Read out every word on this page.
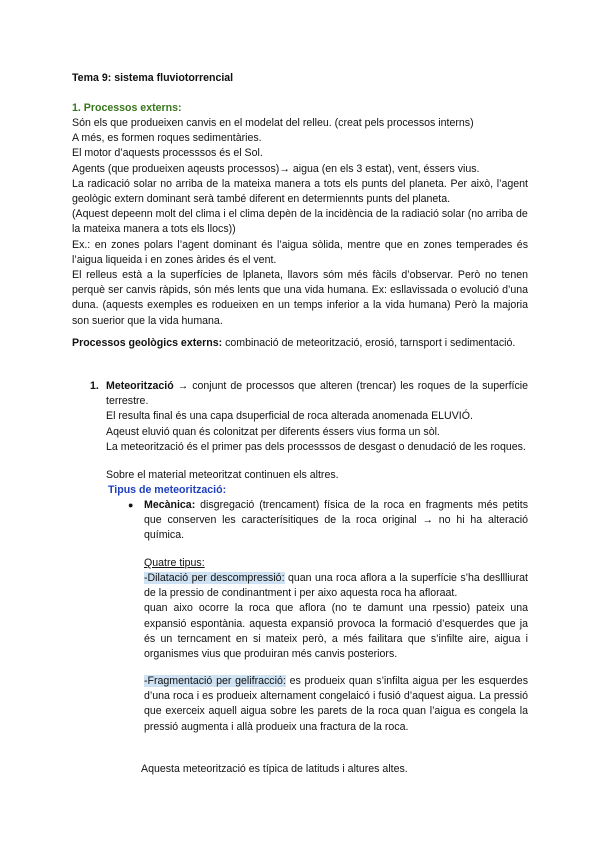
Tema 9: sistema fluviotorrencial
1. Processos externs:

Són els que produeixen canvis en el modelat del relleu. (creat pels processos interns)

A més, es formen roques sedimentàries.

El motor d’aquests processsos és el Sol.

Agents (que produeixen aqeusts processos)→ aigua (en els 3 estat), vent, éssers vius.

La radicació solar no arriba de la mateixa manera a tots els punts del planeta. Per això, l’agent geològic extern dominant serà també diferent en determiennts punts del planeta.

(Aquest depeenn molt del clima i el clima depèn de la incidència de la radiació solar (no arriba de la mateixa manera a tots els llocs))

Ex.: en zones polars l’agent dominant és l’aigua sòlida, mentre que en zones temperades és l’aigua liqueida i en zones àrides és el vent.

El relleus està a la superfícies de lplaneta, llavors sóm més fàcils d’observar. Però no tenen perquè ser canvis ràpids, són més lents que una vida humana. Ex: esllavissada o evolució d’una duna. (aquests exemples es rodueixen en un temps inferior a la vida humana) Però la majoria son suerior que la vida humana.

Processos geològics externs: combinació de meteorització, erosió, tarnsport i sedimentació.
1. Meteorització → conjunt de processos que alteren (trencar) les roques de la superfície terrestre.

El resulta final és una capa dsuperficial de roca alterada anomenada ELUVIÓ.

Aqeust eluvió quan és colonitzat per diferents éssers vius forma un sòl.

La meteorització és el primer pas dels processsos de desgast o denudació de les roques.

Sobre el material meteoritzat continuen els altres.
Tipus de meteorització:
● Mecànica: disgregació (trencament) física de la roca en fragments més petits que conserven les caracterísitiques de la roca original → no hi ha alteració química.

Quatre tipus:

-Dilatació per descompressió: quan una roca aflora a la superfície s’ha desllliurat de la pressio de condinantment i per aixo aquesta roca ha afloraat.

quan aixo ocorre la roca que aflora (no te damunt una rpessio) pateix una expansió espontània. aquesta expansió provoca la formació d’esquerdes que ja és un terncament en si mateix però, a més failitara que s’infilte aire, aigua i organismes vius que produiran més canvis posteriors.

-Fragmentació per gelifracció: es produeix quan s’infilta aigua per les esquerdes d’una roca i es produeix alternament congelaicó i fusió d’aquest aigua. La pressió que exerceix aquell aigua sobre les parets de la roca quan l’aigua es congela la pressió augmenta i allà produeix una fractura de la roca.

Aquesta meteorització es típica de latituds i altures altes.
